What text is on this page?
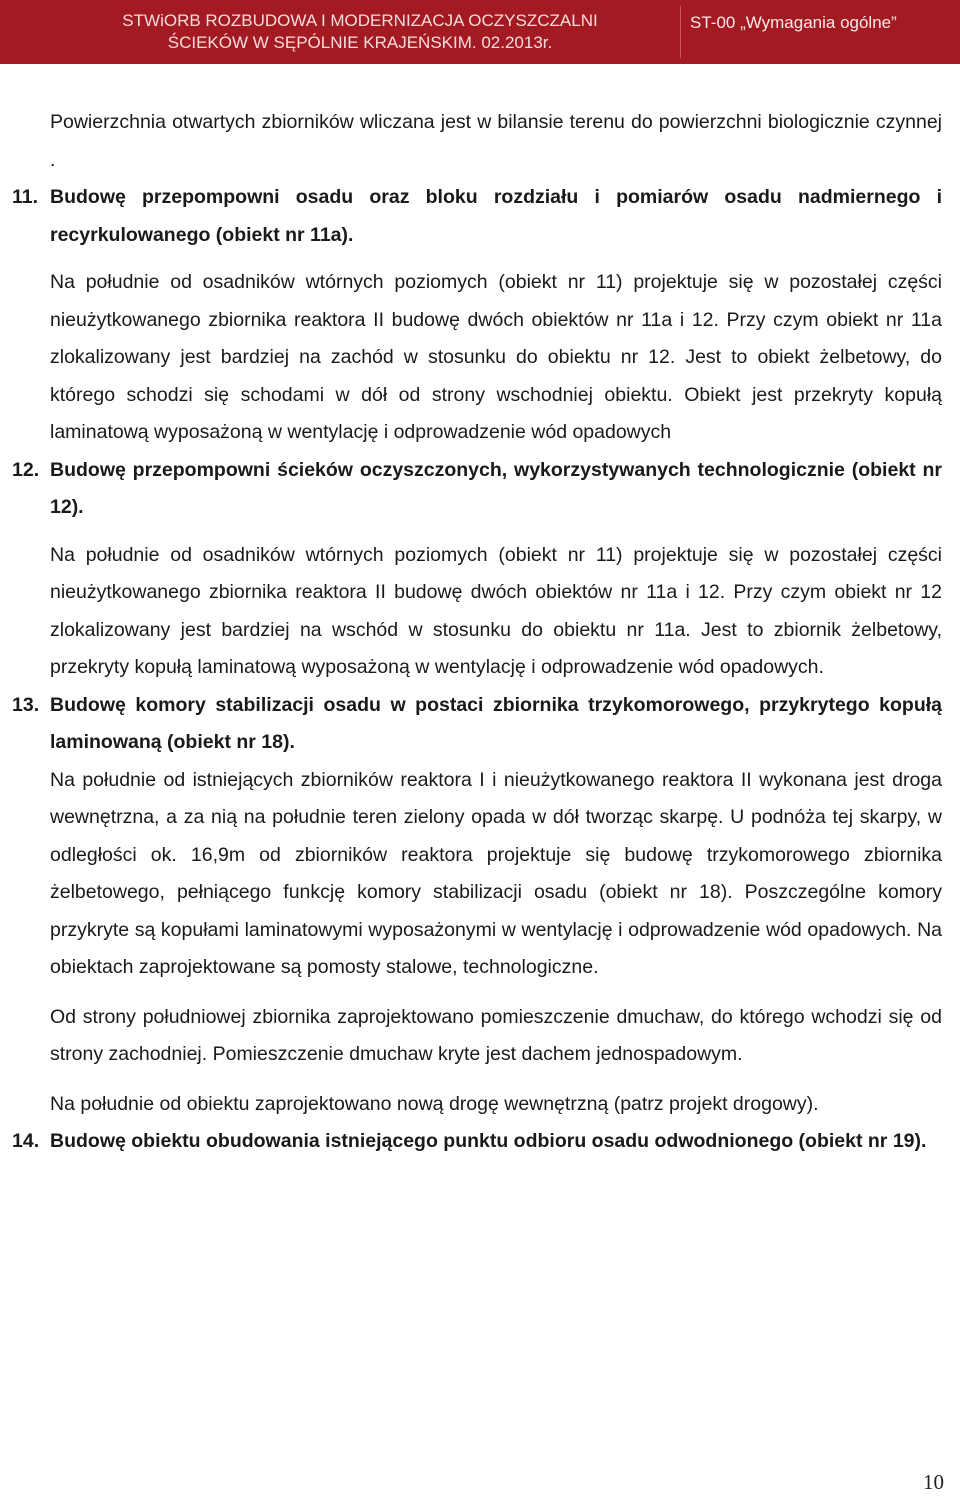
STWiORB ROZBUDOWA I MODERNIZACJA OCZYSZCZALNI
ŚCIEKÓW W SĘPÓLNIE KRAJEŃSKIM. 02.2013r.
ST-00 „Wymagania ogólne”

Powierzchnia otwartych zbiorników wliczana jest w bilansie terenu do powierzchni biologicznie czynnej .

11. Budowę przepompowni osadu oraz bloku rozdziału i pomiarów osadu nadmiernego i recyrkulowanego (obiekt nr 11a).

Na południe od osadników wtórnych poziomych (obiekt nr 11) projektuje się w pozostałej części nieużytkowanego zbiornika reaktora II budowę dwóch obiektów nr 11a i 12. Przy czym obiekt nr 11a zlokalizowany jest bardziej na zachód w stosunku do obiektu nr 12. Jest to obiekt żelbetowy, do którego schodzi się schodami w dół od strony wschodniej obiektu. Obiekt jest przekryty kopułą laminatową wyposażoną w wentylację i odprowadzenie wód opadowych

12. Budowę przepompowni ścieków oczyszczonych, wykorzystywanych technologicznie (obiekt nr 12).

Na południe od osadników wtórnych poziomych (obiekt nr 11) projektuje się w pozostałej części nieużytkowanego zbiornika reaktora II budowę dwóch obiektów nr 11a i 12. Przy czym obiekt nr 12 zlokalizowany jest bardziej na wschód w stosunku do obiektu nr 11a. Jest to zbiornik żelbetowy, przekryty kopułą laminatową wyposażoną w wentylację i odprowadzenie wód opadowych.

13. Budowę komory stabilizacji osadu w postaci zbiornika trzykomorowego, przykrytego kopułą laminowaną (obiekt nr 18).

Na południe od istniejących zbiorników reaktora I i nieużytkowanego reaktora II wykonana jest droga wewnętrzna, a za nią na południe teren zielony opada w dół tworząc skarpę. U podnóża tej skarpy, w odległości ok. 16,9m od zbiorników reaktora projektuje się budowę trzykomorowego zbiornika żelbetowego, pełniącego funkcję komory stabilizacji osadu (obiekt nr 18). Poszczególne komory przykryte są kopułami laminatowymi wyposażonymi w wentylację i odprowadzenie wód opadowych. Na obiektach zaprojektowane są pomosty stalowe, technologiczne.

Od strony południowej zbiornika zaprojektowano pomieszczenie dmuchaw, do którego wchodzi się od strony zachodniej. Pomieszczenie dmuchaw kryte jest dachem jednospadowym.

Na południe od obiektu zaprojektowano nową drogę wewnętrzną (patrz projekt drogowy).

14. Budowę obiektu obudowania istniejącego punktu odbioru osadu odwodnionego (obiekt nr 19).
10
